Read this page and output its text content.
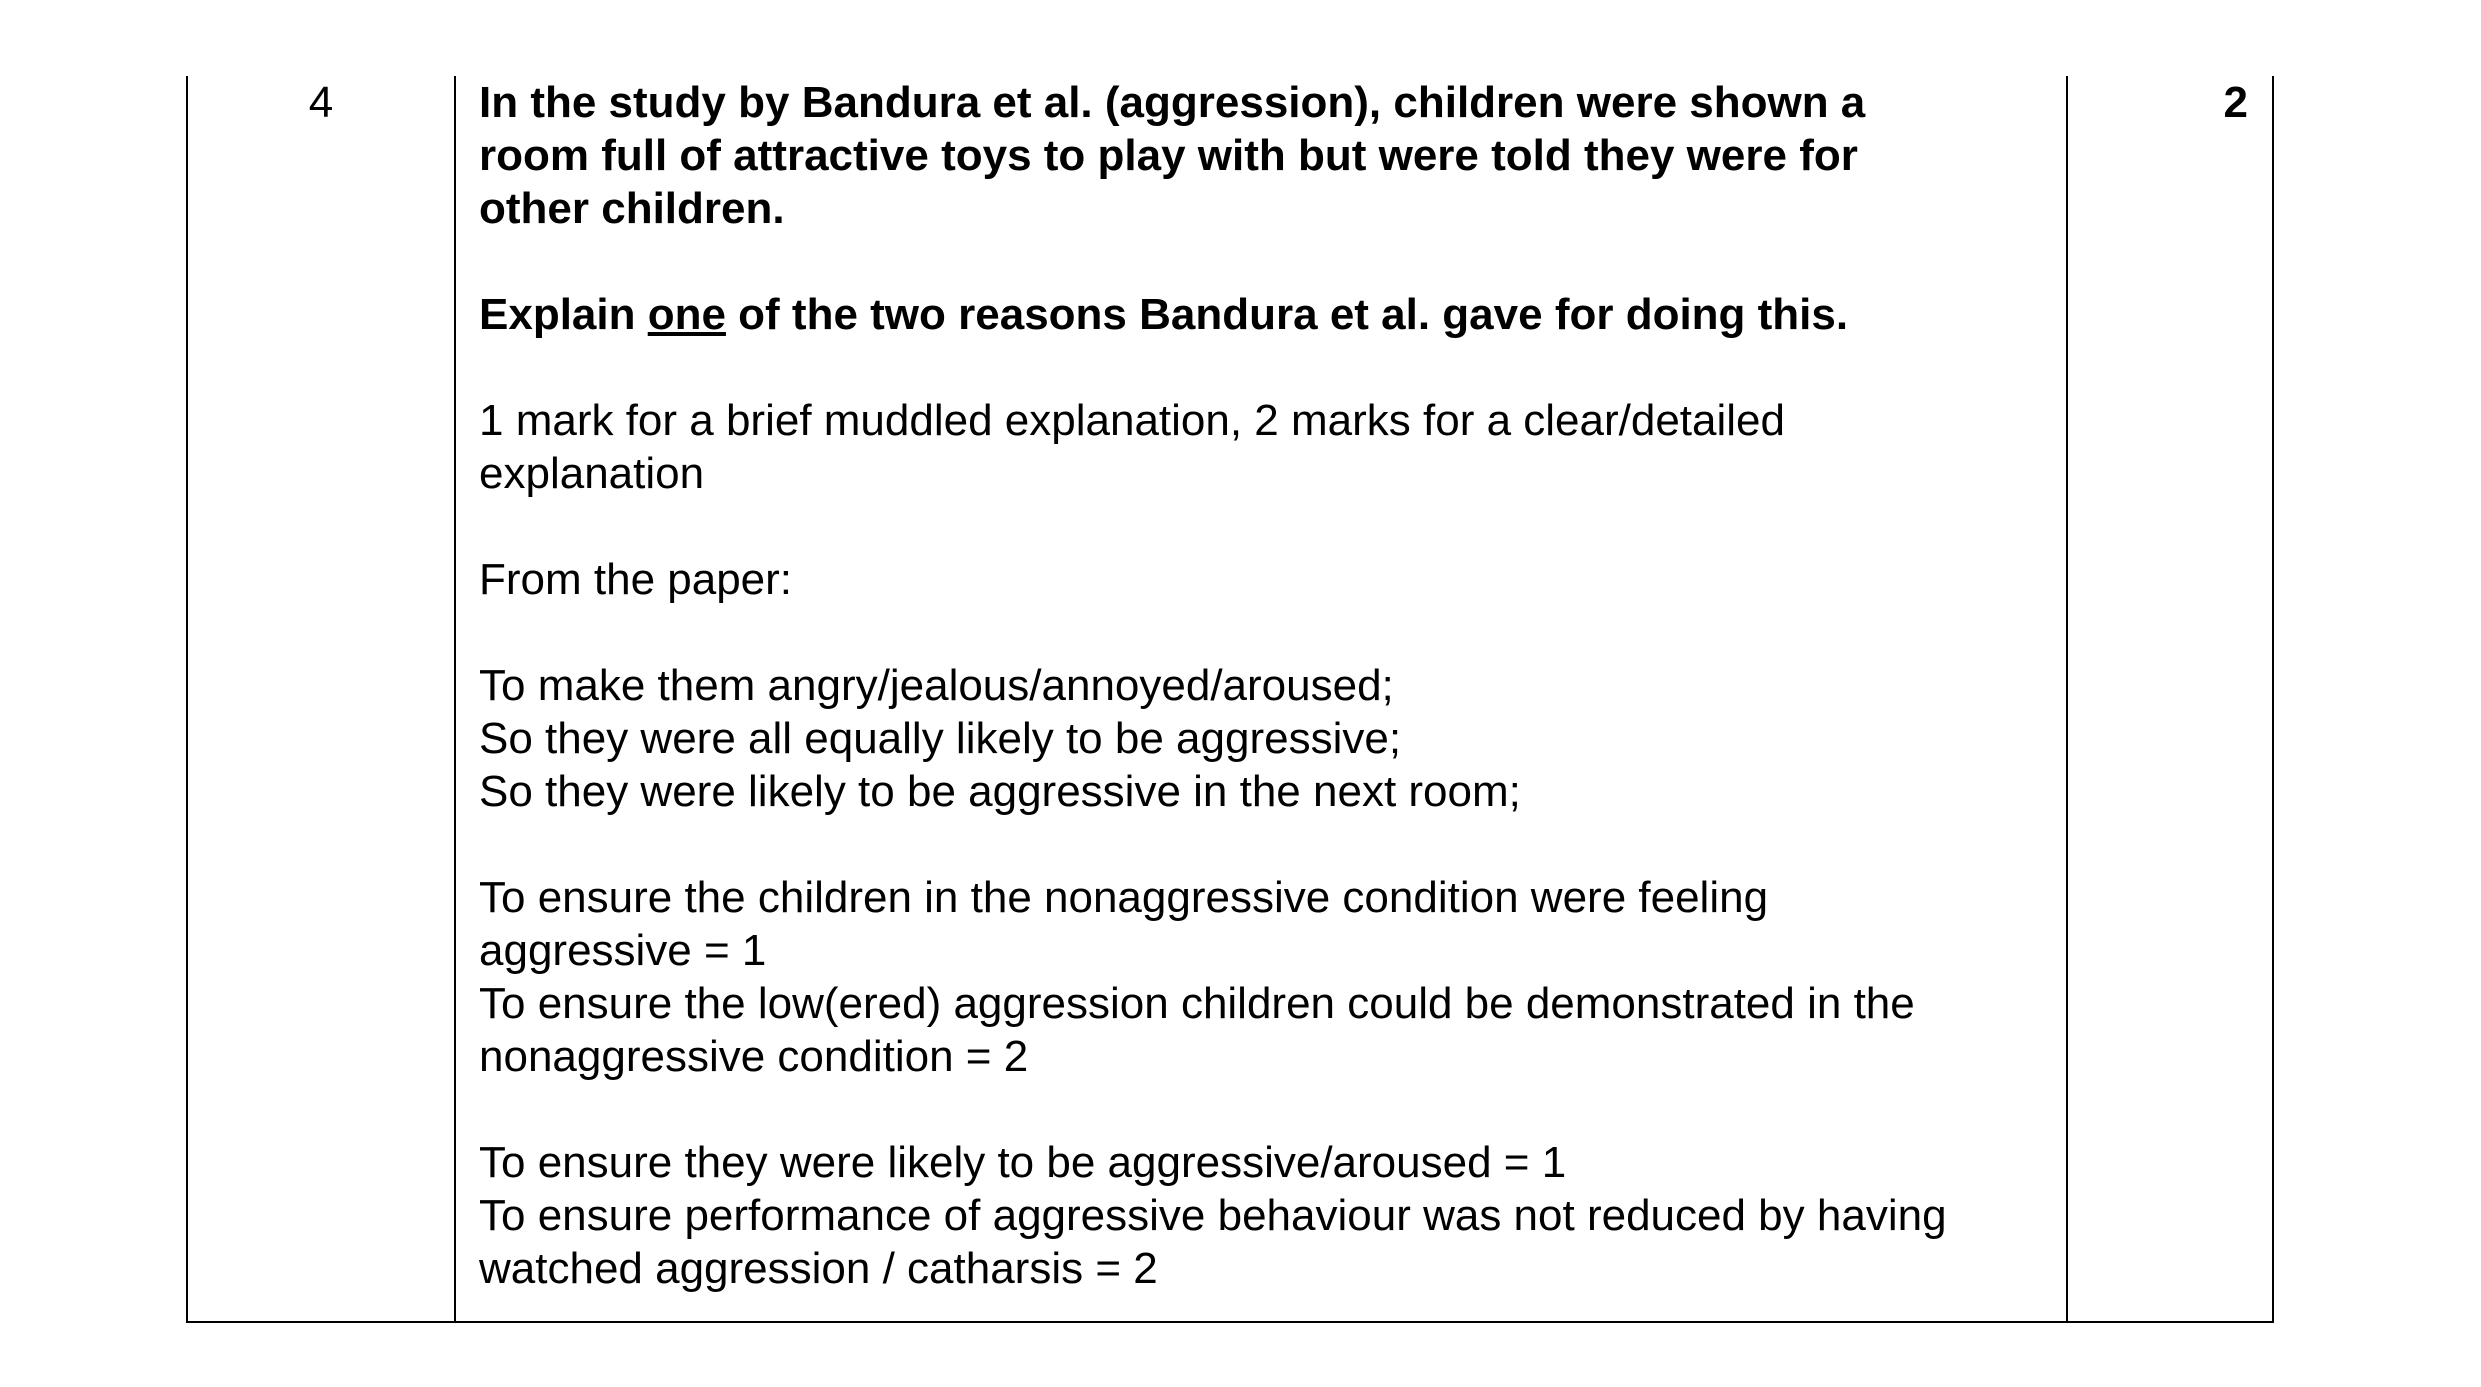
4	In the study by Bandura et al. (aggression), children were shown a
room full of attractive toys to play with but were told they were for
other children.

Explain one of the two reasons Bandura et al. gave for doing this.

1 mark for a brief muddled explanation, 2 marks for a clear/detailed
explanation

From the paper:

To make them angry/jealous/annoyed/aroused;
So they were all equally likely to be aggressive;
So they were likely to be aggressive in the next room;

To ensure the children in the nonaggressive condition were feeling
aggressive = 1
To ensure the low(ered) aggression children could be demonstrated in the
nonaggressive condition = 2

To ensure they were likely to be aggressive/aroused = 1
To ensure performance of aggressive behaviour was not reduced by having
watched aggression / catharsis = 2

2
